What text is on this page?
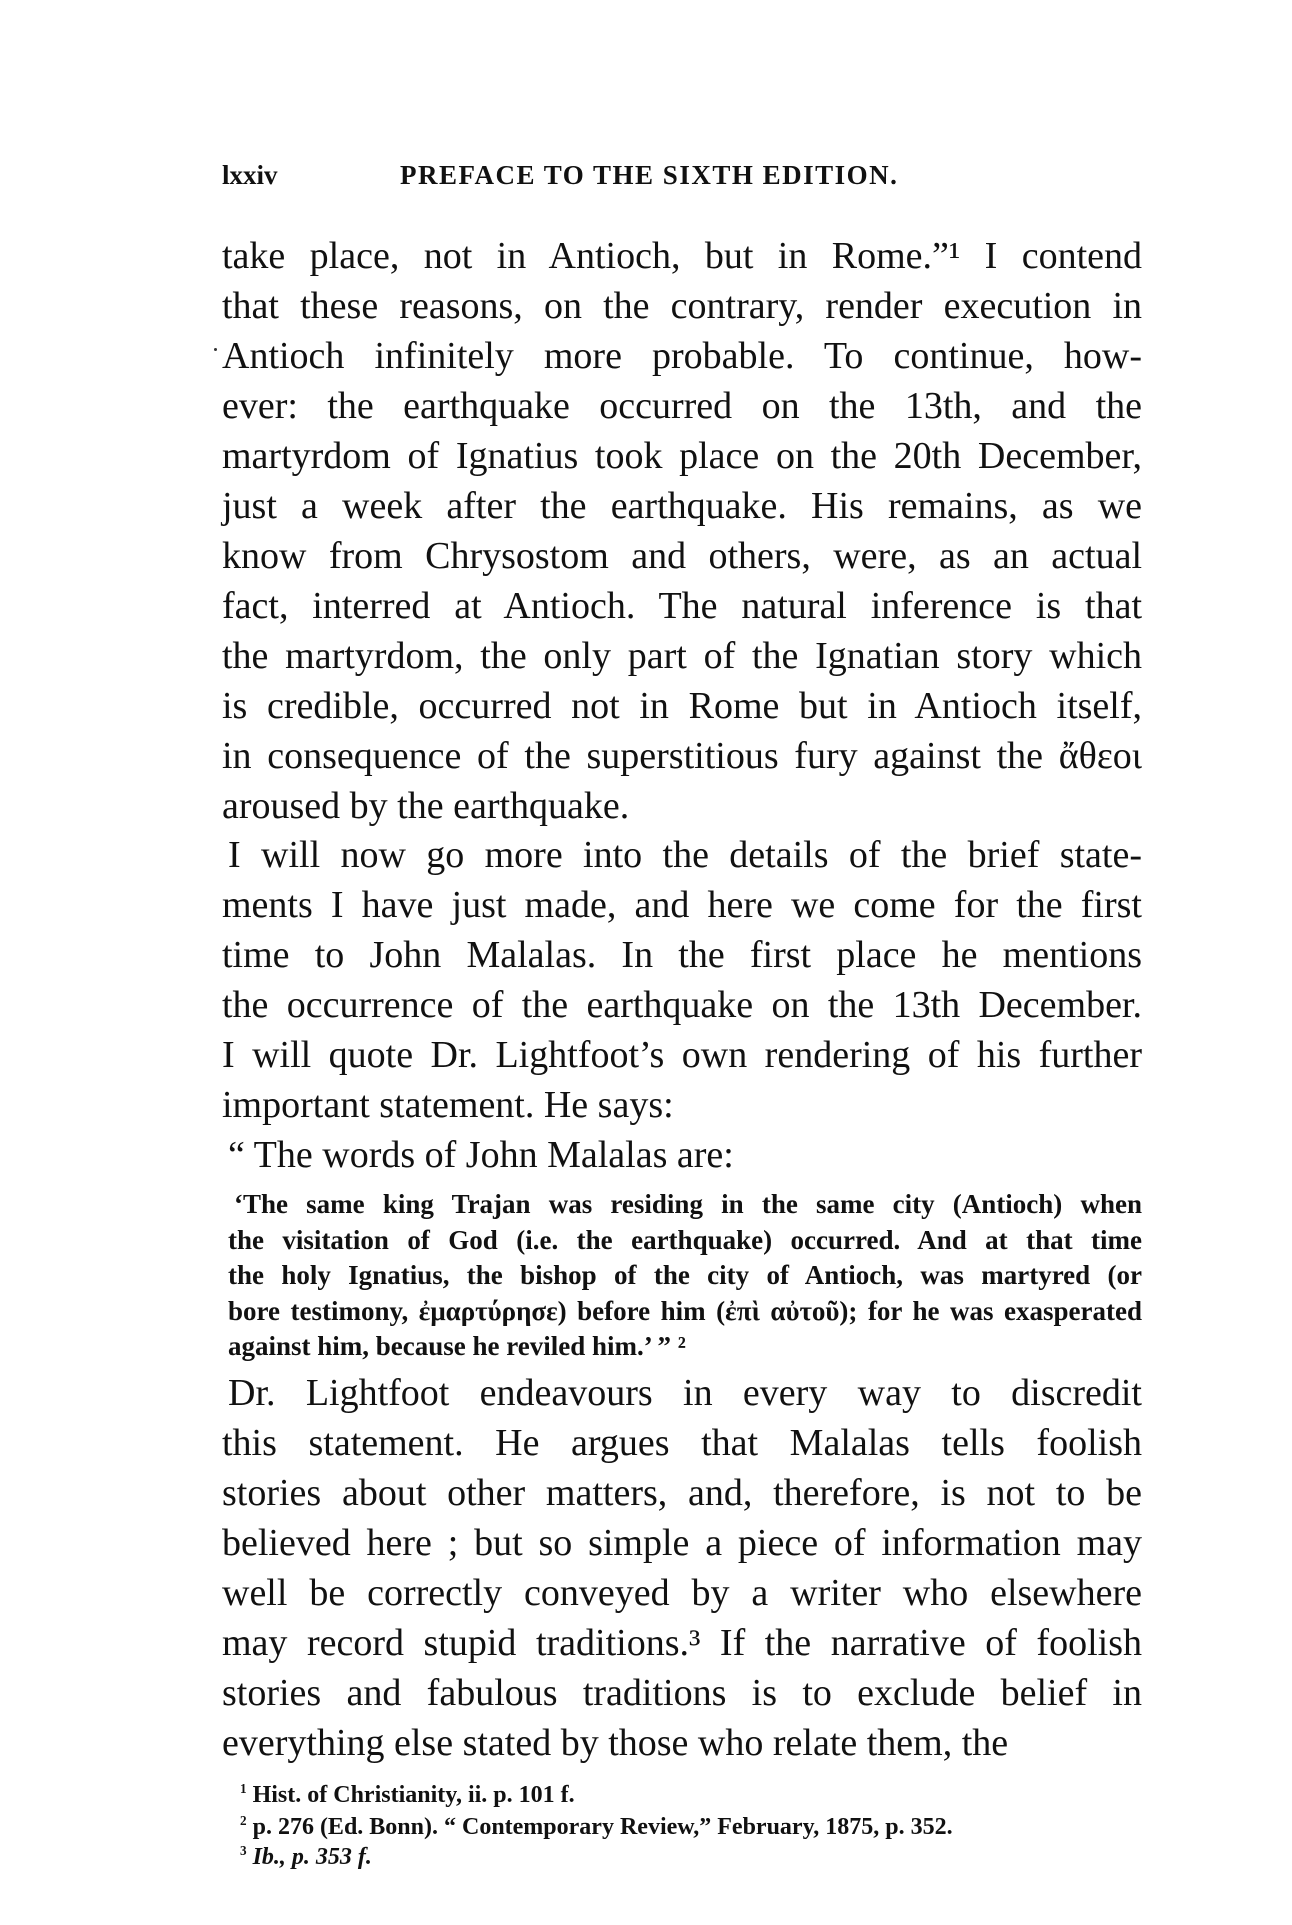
lxxiv	PREFACE TO THE SIXTH EDITION.
take place, not in Antioch, but in Rome.”¹ I contend
that these reasons, on the contrary, render execution in
Antioch infinitely more probable. To continue, how-
ever: the earthquake occurred on the 13th, and the
martyrdom of Ignatius took place on the 20th December,
just a week after the earthquake. His remains, as we
know from Chrysostom and others, were, as an actual
fact, interred at Antioch. The natural inference is that
the martyrdom, the only part of the Ignatian story which
is credible, occurred not in Rome but in Antioch itself,
in consequence of the superstitious fury against the ἄθεοι
aroused by the earthquake.
I will now go more into the details of the brief state-
ments I have just made, and here we come for the first
time to John Malalas. In the first place he mentions
the occurrence of the earthquake on the 13th December.
I will quote Dr. Lightfoot’s own rendering of his further
important statement. He says:
“ The words of John Malalas are:
‘The same king Trajan was residing in the same city (Antioch) when
the visitation of God (i.e. the earthquake) occurred. And at that time
the holy Ignatius, the bishop of the city of Antioch, was martyred (or
bore testimony, ἐμαρτύρησε) before him (ἐπὶ αὐτοῦ); for he was exasperated
against him, because he reviled him.’ ” ²
Dr. Lightfoot endeavours in every way to discredit
this statement. He argues that Malalas tells foolish
stories about other matters, and, therefore, is not to be
believed here ; but so simple a piece of information may
well be correctly conveyed by a writer who elsewhere
may record stupid traditions.³ If the narrative of foolish
stories and fabulous traditions is to exclude belief in
everything else stated by those who relate them, the
$^1$ Hist. of Christianity, ii. p. 101 f.
$^2$ p. 276 (Ed. Bonn). “ Contemporary Review,” February, 1875, p. 352.
$^3$ Ib., p. 353 f.
